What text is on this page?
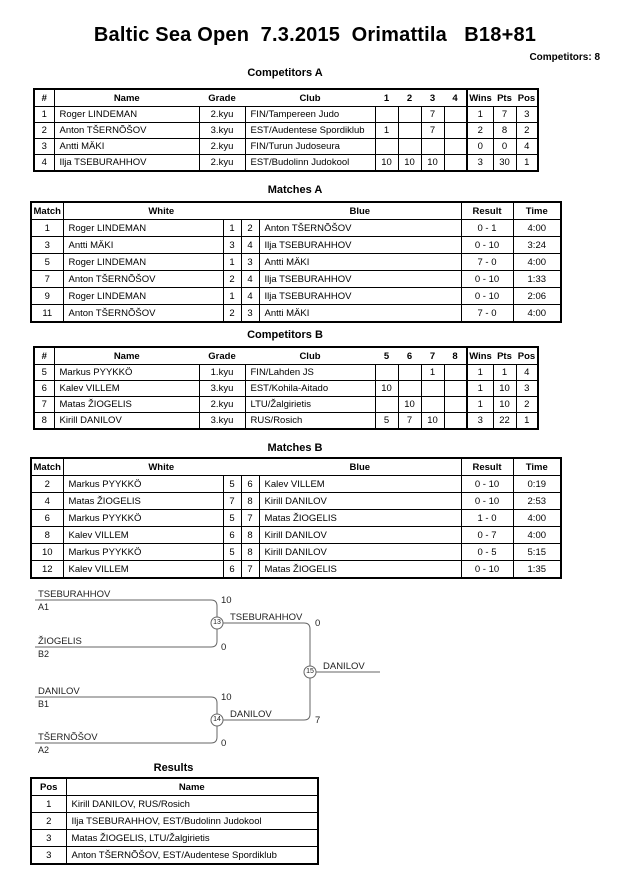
Baltic Sea Open  7.3.2015  Orimattila   B18+81
Competitors: 8
Competitors A
#	Name	Grade	Club	1	2	3	4	Wins	Pts	Pos
1	Roger LINDEMAN	2.kyu	FIN/Tampereen Judo			7		1	7	3
2	Anton TŠERNÕŠOV	3.kyu	EST/Audentese Spordiklub	1		7		2	8	2
3	Antti MÄKI	2.kyu	FIN/Turun Judoseura					0	0	4
4	Ilja TSEBURAHHOV	2.kyu	EST/Budolinn Judokool	10	10	10		3	30	1
Matches A
Match	White			Blue	Result	Time
1	Roger LINDEMAN	1	2	Anton TŠERNÕŠOV	0 - 1	4:00
3	Antti MÄKI	3	4	Ilja TSEBURAHHOV	0 - 10	3:24
5	Roger LINDEMAN	1	3	Antti MÄKI	7 - 0	4:00
7	Anton TŠERNÕŠOV	2	4	Ilja TSEBURAHHOV	0 - 10	1:33
9	Roger LINDEMAN	1	4	Ilja TSEBURAHHOV	0 - 10	2:06
11	Anton TŠERNÕŠOV	2	3	Antti MÄKI	7 - 0	4:00
Competitors B
#	Name	Grade	Club	5	6	7	8	Wins	Pts	Pos
5	Markus PYYKKÖ	1.kyu	FIN/Lahden JS			1		1	1	4
6	Kalev VILLEM	3.kyu	EST/Kohila-Aitado	10				1	10	3
7	Matas ŽIOGELIS	2.kyu	LTU/Žalgirietis		10			1	10	2
8	Kirill DANILOV	3.kyu	RUS/Rosich	5	7	10		3	22	1
Matches B
Match	White			Blue	Result	Time
2	Markus PYYKKÖ	5	6	Kalev VILLEM	0 - 10	0:19
4	Matas ŽIOGELIS	7	8	Kirill DANILOV	0 - 10	2:53
6	Markus PYYKKÖ	5	7	Matas ŽIOGELIS	1 - 0	4:00
8	Kalev VILLEM	6	8	Kirill DANILOV	0 - 7	4:00
10	Markus PYYKKÖ	5	8	Kirill DANILOV	0 - 5	5:15
12	Kalev VILLEM	6	7	Matas ŽIOGELIS	0 - 10	1:35
TSEBURAHHOV
A1
10
ŽIOGELIS
B2
0
DANILOV
B1
10
TŠERNÕŠOV
A2
0
13 TSEBURAHHOV
0
14 DANILOV
7
15 DANILOV
Results
Pos	Name
1	Kirill DANILOV, RUS/Rosich
2	Ilja TSEBURAHHOV, EST/Budolinn Judokool
3	Matas ŽIOGELIS, LTU/Žalgirietis
3	Anton TŠERNÕŠOV, EST/Audentese Spordiklub
